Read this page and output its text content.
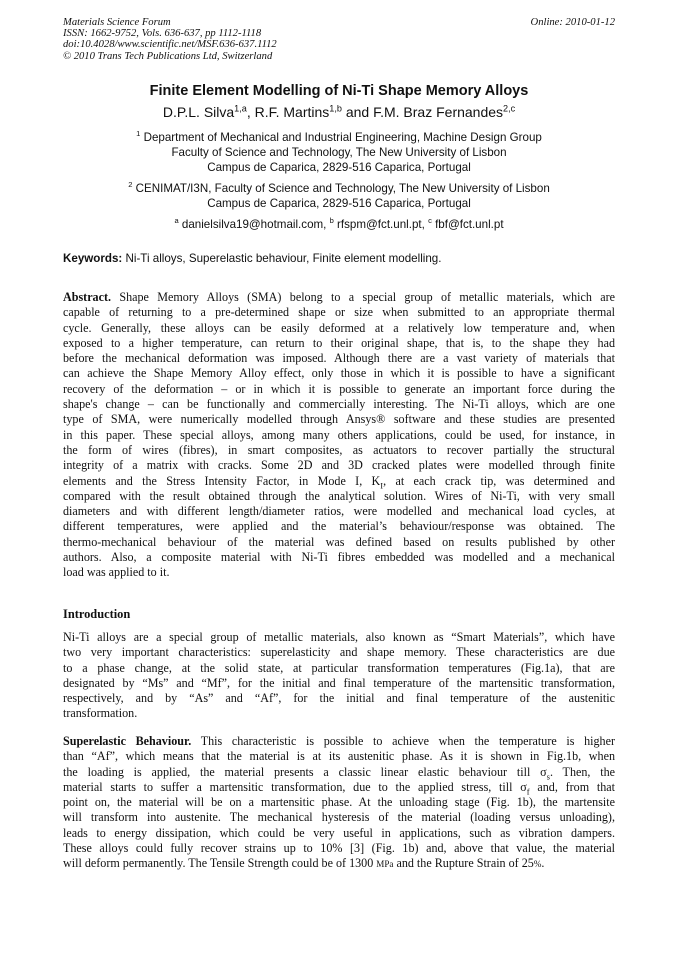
Materials Science Forum
ISSN: 1662-9752, Vols. 636-637, pp 1112-1118
doi:10.4028/www.scientific.net/MSF.636-637.1112
© 2010 Trans Tech Publications Ltd, Switzerland
Online: 2010-01-12
Finite Element Modelling of Ni-Ti Shape Memory Alloys
D.P.L. Silva$^{1,a}$, R.F. Martins$^{1,b}$ and F.M. Braz Fernandes$^{2,c}$
$^1$ Department of Mechanical and Industrial Engineering, Machine Design Group
Faculty of Science and Technology, The New University of Lisbon
Campus de Caparica, 2829-516 Caparica, Portugal
$^2$ CENIMAT/I3N, Faculty of Science and Technology, The New University of Lisbon
Campus de Caparica, 2829-516 Caparica, Portugal
$^a$ danielsilva19@hotmail.com, $^b$ rfspm@fct.unl.pt, $^c$ fbf@fct.unl.pt
Keywords: Ni-Ti alloys, Superelastic behaviour, Finite element modelling.
Abstract. Shape Memory Alloys (SMA) belong to a special group of metallic materials, which are
capable of returning to a pre-determined shape or size when submitted to an appropriate thermal
cycle. Generally, these alloys can be easily deformed at a relatively low temperature and, when
exposed to a higher temperature, can return to their original shape, that is, to the shape they had
before the mechanical deformation was imposed. Although there are a vast variety of materials that
can achieve the Shape Memory Alloy effect, only those in which it is possible to have a significant
recovery of the deformation – or in which it is possible to generate an important force during the
shape's change – can be functionally and commercially interesting. The Ni-Ti alloys, which are one
type of SMA, were numerically modelled through Ansys® software and these studies are presented
in this paper. These special alloys, among many others applications, could be used, for instance, in
the form of wires (fibres), in smart composites, as actuators to recover partially the structural
integrity of a matrix with cracks. Some 2D and 3D cracked plates were modelled through finite
elements and the Stress Intensity Factor, in Mode I, $K_I$, at each crack tip, was determined and
compared with the result obtained through the analytical solution. Wires of Ni-Ti, with very small
diameters and with different length/diameter ratios, were modelled and mechanical load cycles, at
different temperatures, were applied and the material’s behaviour/response was obtained. The
thermo-mechanical behaviour of the material was defined based on results published by other
authors. Also, a composite material with Ni-Ti fibres embedded was modelled and a mechanical
load was applied to it.
Introduction
Ni-Ti alloys are a special group of metallic materials, also known as “Smart Materials”, which have
two very important characteristics: superelasticity and shape memory. These characteristics are due
to a phase change, at the solid state, at particular transformation temperatures (Fig.1a), that are
designated by “Ms” and “Mf”, for the initial and final temperature of the martensitic transformation,
respectively, and by “As” and “Af”, for the initial and final temperature of the austenitic
transformation.
Superelastic Behaviour. This characteristic is possible to achieve when the temperature is higher
than “Af”, which means that the material is at its austenitic phase. As it is shown in Fig.1b, when
the loading is applied, the material presents a classic linear elastic behaviour till $\sigma_s$. Then, the
material starts to suffer a martensitic transformation, due to the applied stress, till $\sigma_f$ and, from that
point on, the material will be on a martensitic phase. At the unloading stage (Fig. 1b), the martensite
will transform into austenite. The mechanical hysteresis of the material (loading versus unloading),
leads to energy dissipation, which could be very useful in applications, such as vibration dampers.
These alloys could fully recover strains up to 10% [3] (Fig. 1b) and, above that value, the material
will deform permanently. The Tensile Strength could be of 1300 MPa and the Rupture Strain of 25%.
